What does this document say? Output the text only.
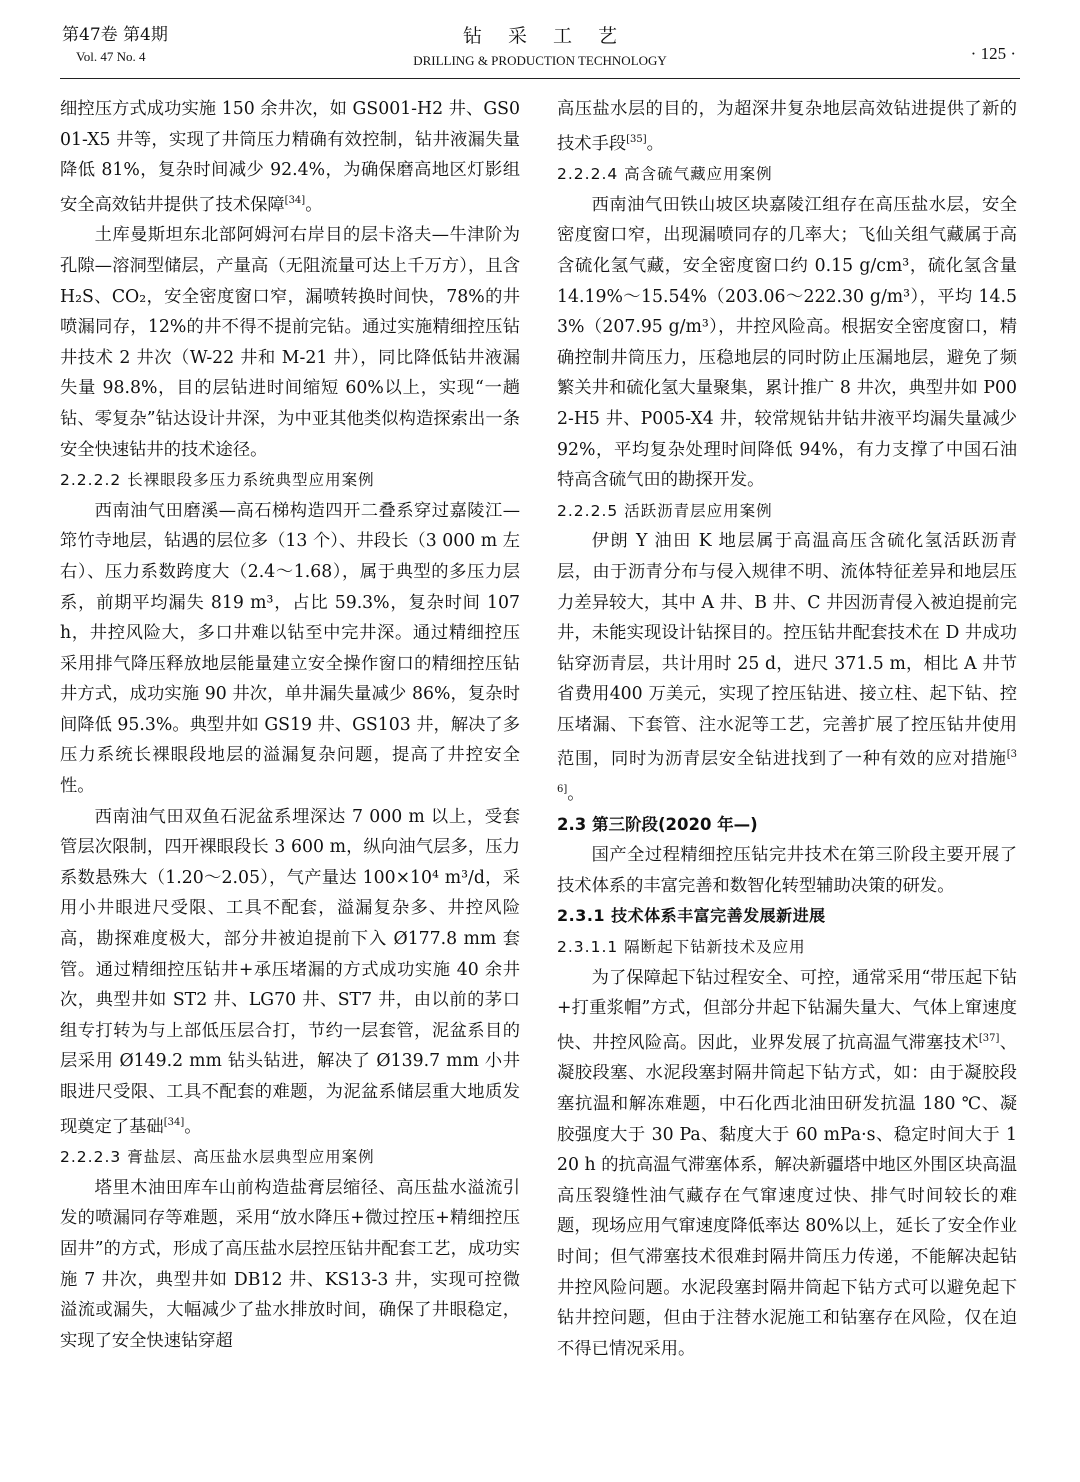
第47卷 第4期
Vol. 47 No. 4
钻采工艺
DRILLING & PRODUCTION TECHNOLOGY	· 125 ·

细控压方式成功实施 150 余井次，如 GS001-H2 井、GS001-X5 井等，实现了井筒压力精确有效控制，钻井液漏失量降低 81%，复杂时间减少 92.4%，为确保磨高地区灯影组安全高效钻井提供了技术保障[34]。

土库曼斯坦东北部阿姆河右岸目的层卡洛夫—牛津阶为孔隙—溶洞型储层，产量高（无阻流量可达上千万方），且含 H₂S、CO₂，安全密度窗口窄，漏喷转换时间快，78%的井喷漏同存，12%的井不得不提前完钻。通过实施精细控压钻井技术 2 井次（W-22 井和 M-21 井），同比降低钻井液漏失量 98.8%，目的层钻进时间缩短 60%以上，实现“一趟钻、零复杂”钻达设计井深，为中亚其他类似构造探索出一条安全快速钻井的技术途径。

2.2.2.2 长裸眼段多压力系统典型应用案例

西南油气田磨溪—高石梯构造四开二叠系穿过嘉陵江—筇竹寺地层，钻遇的层位多（13 个）、井段长（3 000 m 左右）、压力系数跨度大（2.4～1.68），属于典型的多压力层系，前期平均漏失 819 m³，占比 59.3%，复杂时间 107 h，井控风险大，多口井难以钻至中完井深。通过精细控压采用排气降压释放地层能量建立安全操作窗口的精细控压钻井方式，成功实施 90 井次，单井漏失量减少 86%，复杂时间降低 95.3%。典型井如 GS19 井、GS103 井，解决了多压力系统长裸眼段地层的溢漏复杂问题，提高了井控安全性。

西南油气田双鱼石泥盆系埋深达 7 000 m 以上，受套管层次限制，四开裸眼段长 3 600 m，纵向油气层多，压力系数悬殊大（1.20～2.05），气产量达 100×10⁴ m³/d，采用小井眼进尺受限、工具不配套，溢漏复杂多、井控风险高，勘探难度极大，部分井被迫提前下入 Ø177.8 mm 套管。通过精细控压钻井+承压堵漏的方式成功实施 40 余井次，典型井如 ST2 井、LG70 井、ST7 井，由以前的茅口组专打转为与上部低压层合打，节约一层套管，泥盆系目的层采用 Ø149.2 mm 钻头钻进，解决了 Ø139.7 mm 小井眼进尺受限、工具不配套的难题，为泥盆系储层重大地质发现奠定了基础[34]。

2.2.2.3 膏盐层、高压盐水层典型应用案例

塔里木油田库车山前构造盐膏层缩径、高压盐水溢流引发的喷漏同存等难题，采用“放水降压+微过控压+精细控压固井”的方式，形成了高压盐水层控压钻井配套工艺，成功实施 7 井次，典型井如 DB12 井、KS13-3 井，实现可控微溢流或漏失，大幅减少了盐水排放时间，确保了井眼稳定，实现了安全快速钻穿超

高压盐水层的目的，为超深井复杂地层高效钻进提供了新的技术手段[35]。

2.2.2.4 高含硫气藏应用案例

西南油气田铁山坡区块嘉陵江组存在高压盐水层，安全密度窗口窄，出现漏喷同存的几率大；飞仙关组气藏属于高含硫化氢气藏，安全密度窗口约 0.15 g/cm³，硫化氢含量 14.19%～15.54%（203.06～222.30 g/m³），平均 14.53%（207.95 g/m³），井控风险高。根据安全密度窗口，精确控制井筒压力，压稳地层的同时防止压漏地层，避免了频繁关井和硫化氢大量聚集，累计推广 8 井次，典型井如 P002-H5 井、P005-X4 井，较常规钻井钻井液平均漏失量减少 92%，平均复杂处理时间降低 94%，有力支撑了中国石油特高含硫气田的勘探开发。

2.2.2.5 活跃沥青层应用案例

伊朗 Y 油田 K 地层属于高温高压含硫化氢活跃沥青层，由于沥青分布与侵入规律不明、流体特征差异和地层压力差异较大，其中 A 井、B 井、C 井因沥青侵入被迫提前完井，未能实现设计钻探目的。控压钻井配套技术在 D 井成功钻穿沥青层，共计用时 25 d，进尺 371.5 m，相比 A 井节省费用400 万美元，实现了控压钻进、接立柱、起下钻、控压堵漏、下套管、注水泥等工艺，完善扩展了控压钻井使用范围，同时为沥青层安全钻进找到了一种有效的应对措施[36]。

2.3 第三阶段(2020 年—)

国产全过程精细控压钻完井技术在第三阶段主要开展了技术体系的丰富完善和数智化转型辅助决策的研发。

2.3.1 技术体系丰富完善发展新进展
2.3.1.1 隔断起下钻新技术及应用

为了保障起下钻过程安全、可控，通常采用“带压起下钻+打重浆帽”方式，但部分井起下钻漏失量大、气体上窜速度快、井控风险高。因此，业界发展了抗高温气滞塞技术[37]、凝胶段塞、水泥段塞封隔井筒起下钻方式，如：由于凝胶段塞抗温和解冻难题，中石化西北油田研发抗温 180 ℃、凝胶强度大于 30 Pa、黏度大于 60 mPa·s、稳定时间大于 120 h 的抗高温气滞塞体系，解决新疆塔中地区外围区块高温高压裂缝性油气藏存在气窜速度过快、排气时间较长的难题，现场应用气窜速度降低率达 80%以上，延长了安全作业时间；但气滞塞技术很难封隔井筒压力传递，不能解决起钻井控风险问题。水泥段塞封隔井筒起下钻方式可以避免起下钻井控问题，但由于注替水泥施工和钻塞存在风险，仅在迫不得已情况采用。
